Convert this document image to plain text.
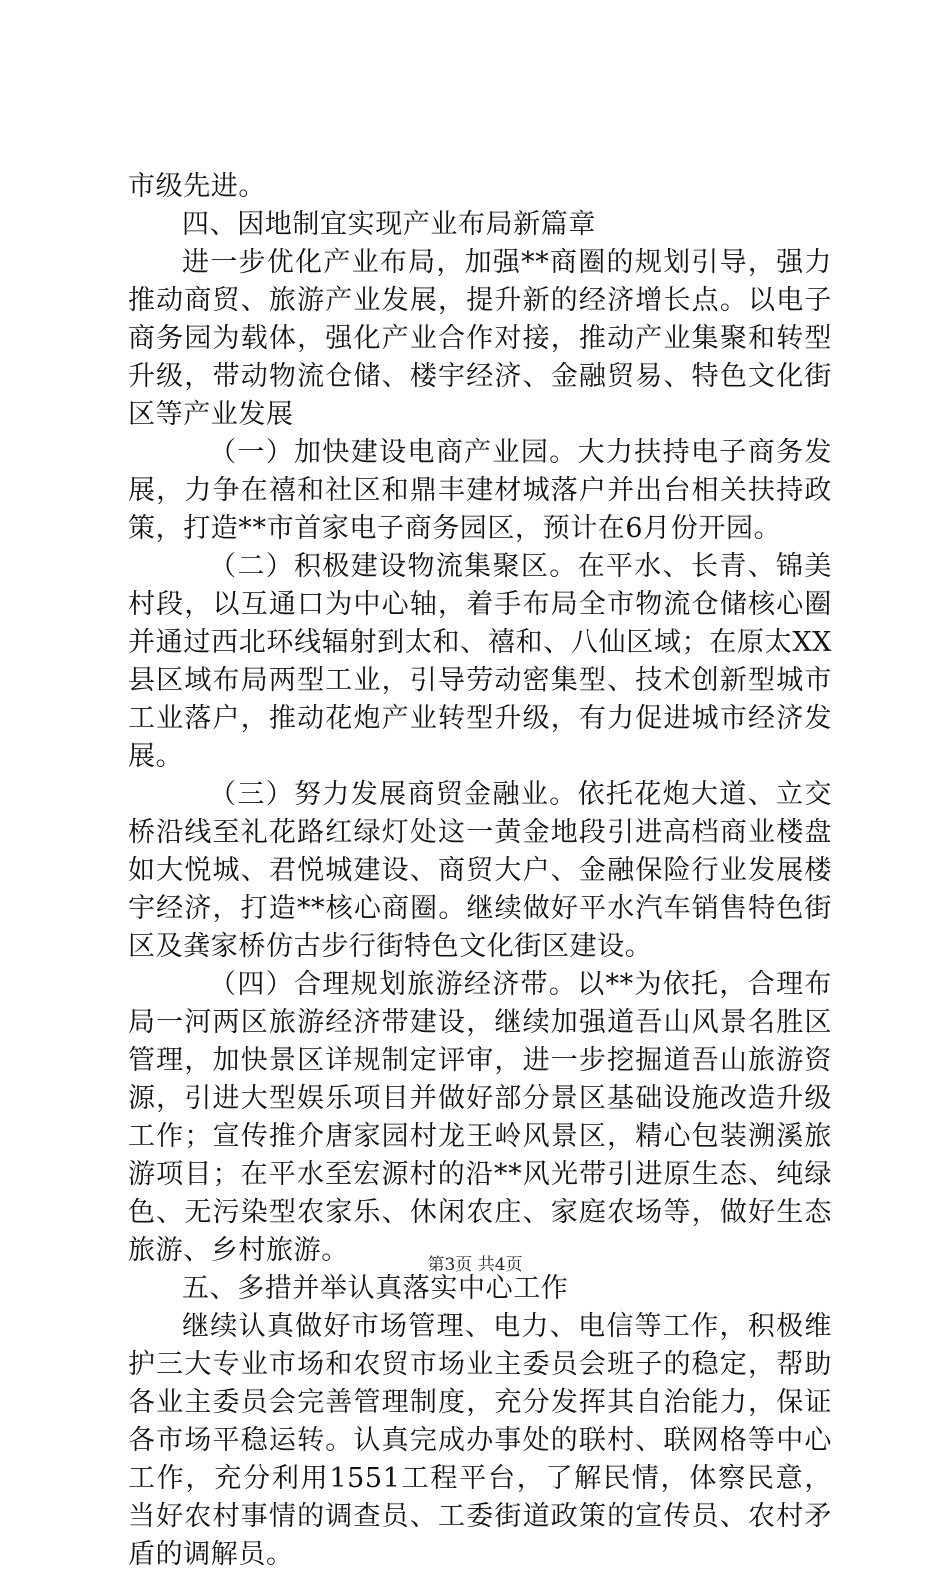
市级先进。

四、因地制宜实现产业布局新篇章

进一步优化产业布局，加强**商圈的规划引导，强力推动商贸、旅游产业发展，提升新的经济增长点。以电子商务园为载体，强化产业合作对接，推动产业集聚和转型升级，带动物流仓储、楼宇经济、金融贸易、特色文化街区等产业发展

（一）加快建设电商产业园。大力扶持电子商务发展，力争在禧和社区和鼎丰建材城落户并出台相关扶持政策，打造**市首家电子商务园区，预计在6月份开园。

（二）积极建设物流集聚区。在平水、长青、锦美村段，以互通口为中心轴，着手布局全市物流仓储核心圈并通过西北环线辐射到太和、禧和、八仙区域；在原太XX县区域布局两型工业，引导劳动密集型、技术创新型城市工业落户，推动花炮产业转型升级，有力促进城市经济发展。

（三）努力发展商贸金融业。依托花炮大道、立交桥沿线至礼花路红绿灯处这一黄金地段引进高档商业楼盘如大悦城、君悦城建设、商贸大户、金融保险行业发展楼宇经济，打造**核心商圈。继续做好平水汽车销售特色街区及龚家桥仿古步行街特色文化街区建设。

（四）合理规划旅游经济带。以**为依托，合理布局一河两区旅游经济带建设，继续加强道吾山风景名胜区管理，加快景区详规制定评审，进一步挖掘道吾山旅游资源，引进大型娱乐项目并做好部分景区基础设施改造升级工作；宣传推介唐家园村龙王岭风景区，精心包装溯溪旅游项目；在平水至宏源村的沿**风光带引进原生态、纯绿色、无污染型农家乐、休闲农庄、家庭农场等，做好生态旅游、乡村旅游。

五、多措并举认真落实中心工作

继续认真做好市场管理、电力、电信等工作，积极维护三大专业市场和农贸市场业主委员会班子的稳定，帮助各业主委员会完善管理制度，充分发挥其自治能力，保证各市场平稳运转。认真完成办事处的联村、联网格等中心工作，充分利用1551工程平台，了解民情，体察民意，当好农村事情的调查员、工委街道政策的宣传员、农村矛盾的调解员。

第3页 共4页
